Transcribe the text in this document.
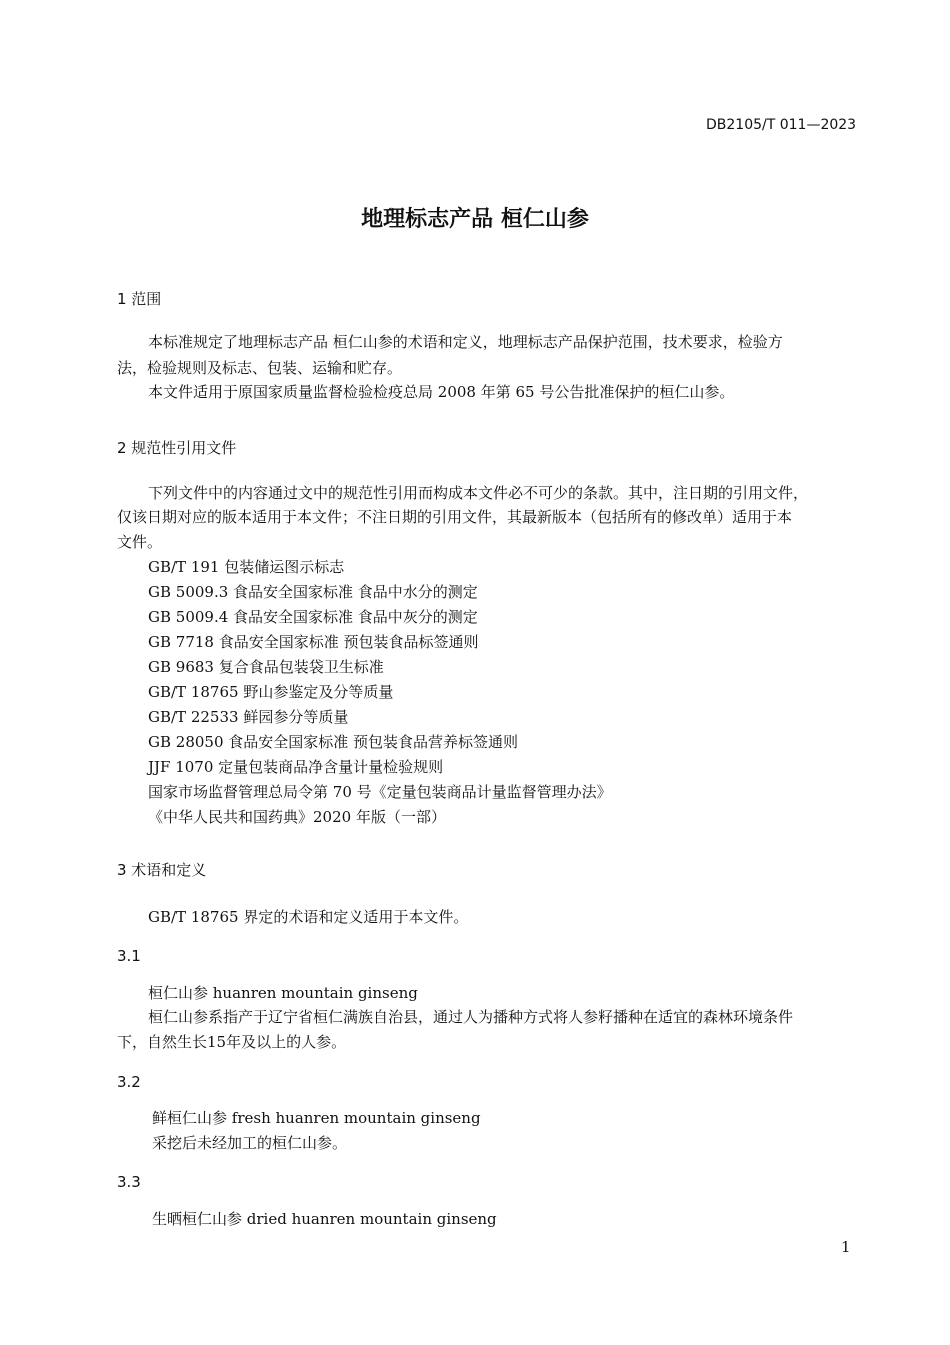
DB2105/T 011—2023
地理标志产品 桓仁山参
1 范围
本标准规定了地理标志产品 桓仁山参的术语和定义，地理标志产品保护范围，技术要求，检验方
法，检验规则及标志、包装、运输和贮存。
本文件适用于原国家质量监督检验检疫总局 2008 年第 65 号公告批准保护的桓仁山参。
2 规范性引用文件
下列文件中的内容通过文中的规范性引用而构成本文件必不可少的条款。其中，注日期的引用文件，
仅该日期对应的版本适用于本文件；不注日期的引用文件，其最新版本（包括所有的修改单）适用于本
文件。
GB/T 191 包装储运图示标志
GB 5009.3 食品安全国家标准 食品中水分的测定
GB 5009.4 食品安全国家标准 食品中灰分的测定
GB 7718 食品安全国家标准 预包装食品标签通则
GB 9683 复合食品包装袋卫生标准
GB/T 18765 野山参鉴定及分等质量
GB/T 22533 鲜园参分等质量
GB 28050 食品安全国家标准 预包装食品营养标签通则
JJF 1070 定量包装商品净含量计量检验规则
国家市场监督管理总局令第 70 号《定量包装商品计量监督管理办法》
《中华人民共和国药典》2020 年版（一部）
3 术语和定义
GB/T 18765 界定的术语和定义适用于本文件。
3.1
桓仁山参 huanren mountain ginseng
桓仁山参系指产于辽宁省桓仁满族自治县，通过人为播种方式将人参籽播种在适宜的森林环境条件
下，自然生长15年及以上的人参。
3.2
鲜桓仁山参 fresh huanren mountain ginseng
采挖后未经加工的桓仁山参。
3.3
生晒桓仁山参 dried huanren mountain ginseng
1
